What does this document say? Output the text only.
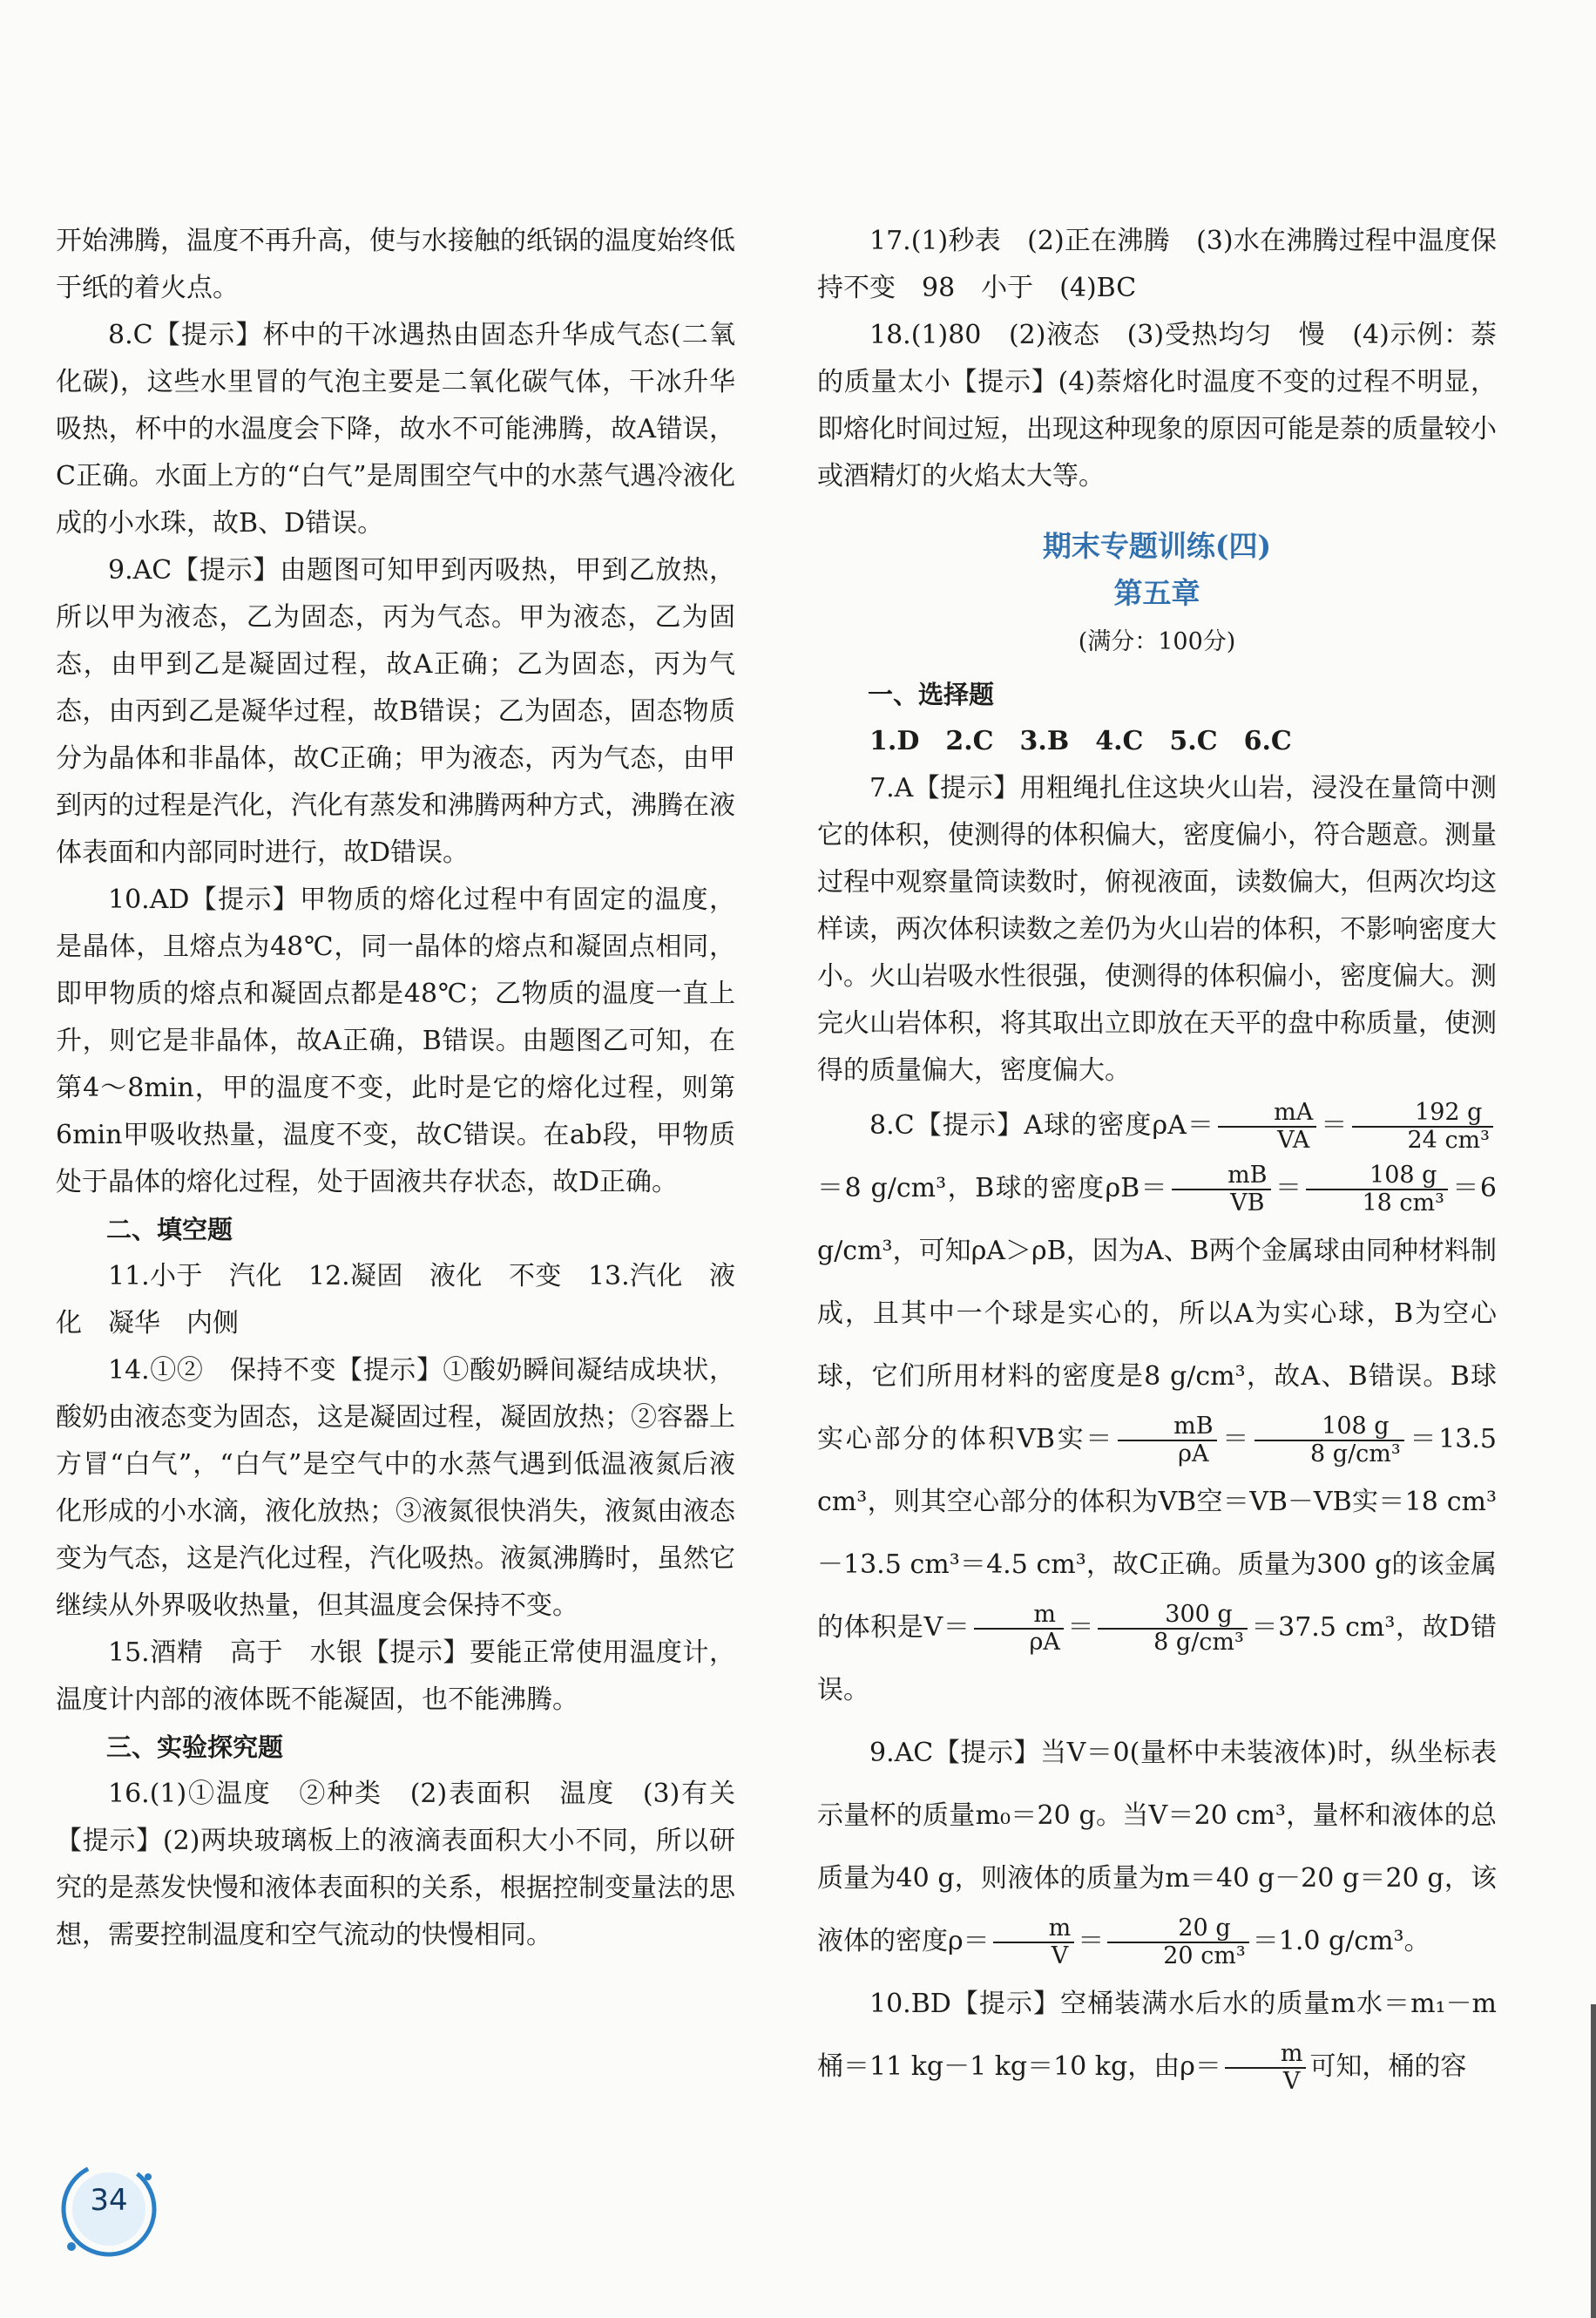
开始沸腾，温度不再升高，使与水接触的纸锅的温度始终低于纸的着火点。

8.C【提示】杯中的干冰遇热由固态升华成气态(二氧化碳)，这些水里冒的气泡主要是二氧化碳气体，干冰升华吸热，杯中的水温度会下降，故水不可能沸腾，故A错误，C正确。水面上方的“白气”是周围空气中的水蒸气遇冷液化成的小水珠，故B、D错误。

9.AC【提示】由题图可知甲到丙吸热，甲到乙放热，所以甲为液态，乙为固态，丙为气态。甲为液态，乙为固态，由甲到乙是凝固过程，故A正确；乙为固态，丙为气态，由丙到乙是凝华过程，故B错误；乙为固态，固态物质分为晶体和非晶体，故C正确；甲为液态，丙为气态，由甲到丙的过程是汽化，汽化有蒸发和沸腾两种方式，沸腾在液体表面和内部同时进行，故D错误。

10.AD【提示】甲物质的熔化过程中有固定的温度，是晶体，且熔点为48℃，同一晶体的熔点和凝固点相同，即甲物质的熔点和凝固点都是48℃；乙物质的温度一直上升，则它是非晶体，故A正确，B错误。由题图乙可知，在第4～8min，甲的温度不变，此时是它的熔化过程，则第6min甲吸收热量，温度不变，故C错误。在ab段，甲物质处于晶体的熔化过程，处于固液共存状态，故D正确。

二、填空题

11.小于　汽化　12.凝固　液化　不变　13.汽化　液化　凝华　内侧

14.①②　保持不变【提示】①酸奶瞬间凝结成块状，酸奶由液态变为固态，这是凝固过程，凝固放热；②容器上方冒“白气”，“白气”是空气中的水蒸气遇到低温液氮后液化形成的小水滴，液化放热；③液氮很快消失，液氮由液态变为气态，这是汽化过程，汽化吸热。液氮沸腾时，虽然它继续从外界吸收热量，但其温度会保持不变。

15.酒精　高于　水银【提示】要能正常使用温度计，温度计内部的液体既不能凝固，也不能沸腾。

三、实验探究题

16.(1)①温度　②种类　(2)表面积　温度　(3)有关【提示】(2)两块玻璃板上的液滴表面积大小不同，所以研究的是蒸发快慢和液体表面积的关系，根据控制变量法的思想，需要控制温度和空气流动的快慢相同。

17.(1)秒表　(2)正在沸腾　(3)水在沸腾过程中温度保持不变　98　小于　(4)BC

18.(1)80　(2)液态　(3)受热均匀　慢　(4)示例：萘的质量太小【提示】(4)萘熔化时温度不变的过程不明显，即熔化时间过短，出现这种现象的原因可能是萘的质量较小或酒精灯的火焰太大等。

期末专题训练(四)

第五章

(满分：100分)

一、选择题

1.D　2.C　3.B　4.C　5.C　6.C

7.A【提示】用粗绳扎住这块火山岩，浸没在量筒中测它的体积，使测得的体积偏大，密度偏小，符合题意。测量过程中观察量筒读数时，俯视液面，读数偏大，但两次均这样读，两次体积读数之差仍为火山岩的体积，不影响密度大小。火山岩吸水性很强，使测得的体积偏小，密度偏大。测完火山岩体积，将其取出立即放在天平的盘中称质量，使测得的质量偏大，密度偏大。

8.C【提示】A球的密度$\rho A= \frac{mA}{VA} = \frac{192 g}{\text{24 cm³}}$
＝8 g/cm³，B球的密度$\rho B= \frac{mB}{VB} = \frac{108 g}{\text{18 cm³}} =6$ g/cm³，可知ρA＞ρB，因为A、B两个金属球由同种材料制成，且其中一个球是实心的，所以A为实心球，B为空心球，它们所用材料的密度是8 g/cm³，故A、B错误。B球实心部分的体积VB实＝ $\frac{mB}{\rho A} = \frac{108 g}{\text{8 g/cm³}} =13.5$ cm³，则其空心部分的体积为VB空＝VB－VB实＝18 cm³－13.5 cm³＝4.5 cm³，故C正确。质量为300 g的该金属的体积是$V= \frac{m}{\rho A} = \frac{300 g}{\text{8 g/cm³}} =37.5$ cm³，故D错误。

9.AC【提示】当V＝0(量杯中未装液体)时，纵坐标表示量杯的质量m₀＝20 g。当V＝20 cm³，量杯和液体的总质量为40 g，则液体的质量为m＝40 g－20 g＝20 g，该液体的密度$\rho= \frac{m}{V} = \frac{20 g}{\text{20 cm³}} =1.0$ g/cm³。

10.BD【提示】空桶装满水后水的质量m水＝m₁－m桶＝11 kg－1 kg＝10 kg，由$\rho= \frac{m}{V}$ 可知，桶的容

34
